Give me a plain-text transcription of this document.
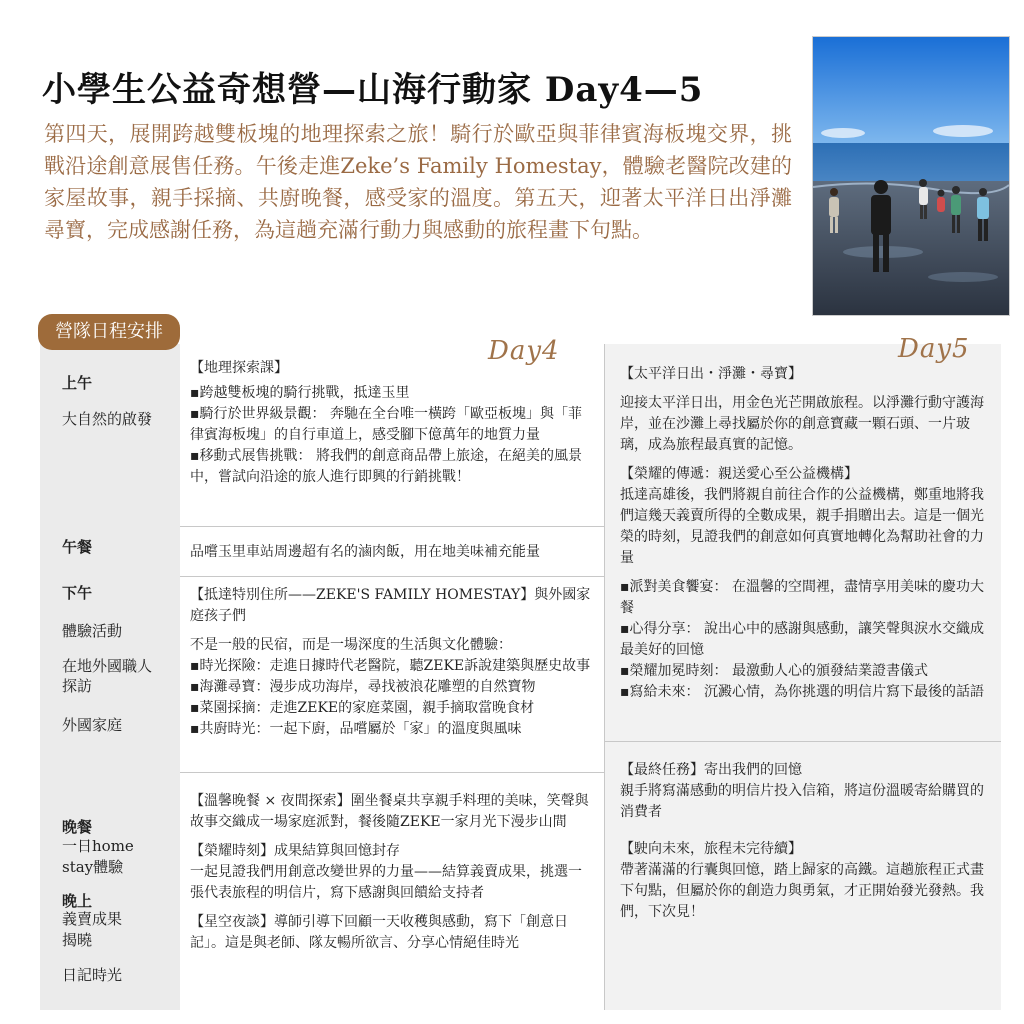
小學生公益奇想營—山海行動家 Day4—5
第四天，展開跨越雙板塊的地理探索之旅！騎行於歐亞與菲律賓海板塊交界，挑戰沿途創意展售任務。午後走進Zeke’s Family Homestay，體驗老醫院改建的家屋故事，親手採摘、共廚晚餐，感受家的溫度。第五天，迎著太平洋日出淨灘尋寶，完成感謝任務，為這趟充滿行動力與感動的旅程畫下句點。
營隊日程安排
Day4	Day5
上午
大自然的啟發
午餐
下午
體驗活動
在地外國職人探訪
外國家庭
晚餐
一日home stay體驗
晚上
義賣成果揭曉
日記時光

【地理探索課】

▪ 跨越雙板塊的騎行挑戰，抵達玉里
▪ 騎行於世界級景觀： 奔馳在全台唯一橫跨「歐亞板塊」與「菲律賓海板塊」的自行車道上，感受腳下億萬年的地質力量
▪ 移動式展售挑戰： 將我們的創意商品帶上旅途，在絕美的風景中，嘗試向沿途的旅人進行即興的行銷挑戰！

品嚐玉里車站周邊超有名的滷肉飯，用在地美味補充能量

【抵達特別住所——ZEKE'S FAMILY HOMESTAY】與外國家庭孩子們

不是一般的民宿，而是一場深度的生活與文化體驗：

▪ 時光探險：走進日據時代老醫院，聽ZEKE訴說建築與歷史故事
▪ 海灘尋寶：漫步成功海岸，尋找被浪花雕塑的自然寶物
▪ 菜園採摘：走進ZEKE的家庭菜園，親手摘取當晚食材
▪ 共廚時光：一起下廚，品嚐屬於「家」的溫度與風味

【溫馨晚餐 × 夜間探索】圍坐餐桌共享親手料理的美味，笑聲與故事交織成一場家庭派對，餐後隨ZEKE一家月光下漫步山間

【榮耀時刻】成果結算與回憶封存

一起見證我們用創意改變世界的力量——結算義賣成果，挑選一張代表旅程的明信片，寫下感謝與回饋給支持者

【星空夜談】導師引導下回顧一天收穫與感動，寫下「創意日記」。這是與老師、隊友暢所欲言、分享心情絕佳時光

【太平洋日出・淨灘・尋寶】

迎接太平洋日出，用金色光芒開啟旅程。以淨灘行動守護海岸，並在沙灘上尋找屬於你的創意寶藏一顆石頭、一片玻璃，成為旅程最真實的記憶。

【榮耀的傳遞：親送愛心至公益機構】

抵達高雄後，我們將親自前往合作的公益機構，鄭重地將我們這幾天義賣所得的全數成果，親手捐贈出去。這是一個光榮的時刻，見證我們的創意如何真實地轉化為幫助社會的力量

▪ 派對美食饗宴： 在溫馨的空間裡，盡情享用美味的慶功大餐
▪ 心得分享： 說出心中的感謝與感動，讓笑聲與淚水交織成最美好的回憶
▪ 榮耀加冕時刻： 最激動人心的頒發結業證書儀式
▪ 寫給未來： 沉澱心情，為你挑選的明信片寫下最後的話語

【最終任務】寄出我們的回憶

親手將寫滿感動的明信片投入信箱，將這份溫暖寄給購買的消費者

【駛向未來，旅程未完待續】

帶著滿滿的行囊與回憶，踏上歸家的高鐵。這趟旅程正式畫下句點，但屬於你的創造力與勇氣，才正開始發光發熱。我們，下次見！
